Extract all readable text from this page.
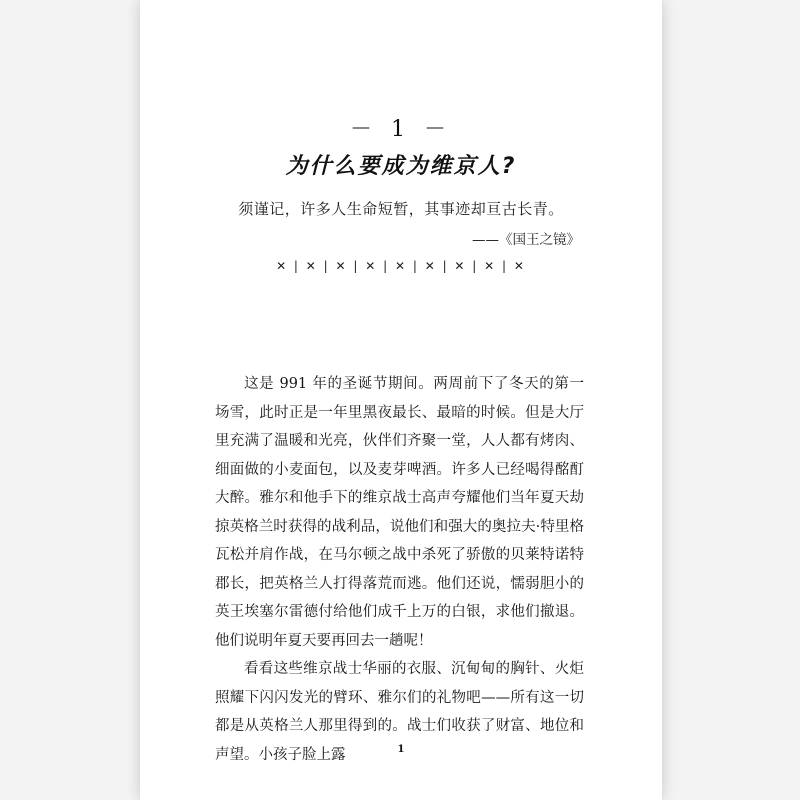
－ 1 －
为什么要成为维京人?
须谨记，许多人生命短暂，其事迹却亘古长青。
——《国王之镜》
✕ | ✕ | ✕ | ✕ | ✕ | ✕ | ✕ | ✕ | ✕

这是 991 年的圣诞节期间。两周前下了冬天的第一场雪，此时正是一年里黑夜最长、最暗的时候。但是大厅里充满了温暖和光亮，伙伴们齐聚一堂，人人都有烤肉、细面做的小麦面包，以及麦芽啤酒。许多人已经喝得酩酊大醉。雅尔和他手下的维京战士高声夸耀他们当年夏天劫掠英格兰时获得的战利品，说他们和强大的奥拉夫·特里格瓦松并肩作战，在马尔顿之战中杀死了骄傲的贝莱特诺特郡长，把英格兰人打得落荒而逃。他们还说，懦弱胆小的英王埃塞尔雷德付给他们成千上万的白银，求他们撤退。他们说明年夏天要再回去一趟呢！

看看这些维京战士华丽的衣服、沉甸甸的胸针、火炬照耀下闪闪发光的臂环、雅尔们的礼物吧——所有这一切都是从英格兰人那里得到的。战士们收获了财富、地位和声望。小孩子脸上露	1
